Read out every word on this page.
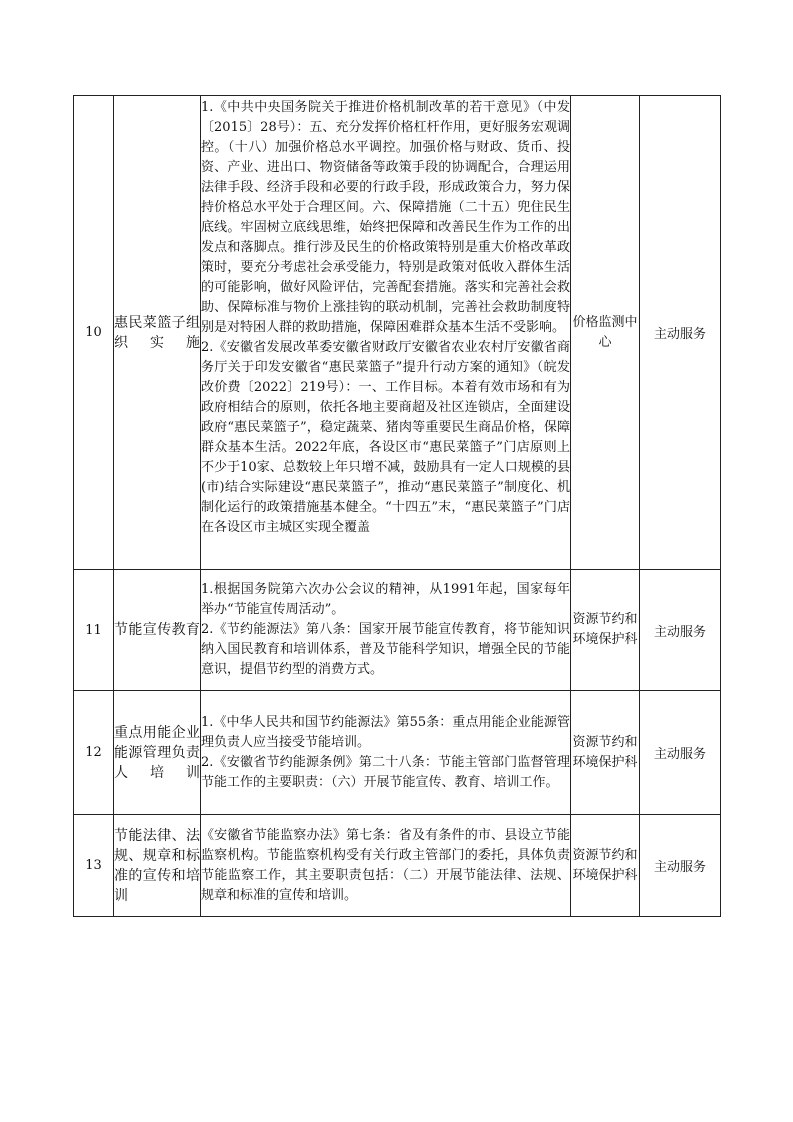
10	惠民菜篮子组织实施	1.《中共中央国务院关于推进价格机制改革的若干意见》（中发〔2015〕28号）：五、充分发挥价格杠杆作用，更好服务宏观调控。（十八）加强价格总水平调控。加强价格与财政、货币、投资、产业、进出口、物资储备等政策手段的协调配合，合理运用法律手段、经济手段和必要的行政手段，形成政策合力，努力保持价格总水平处于合理区间。六、保障措施（二十五）兜住民生底线。牢固树立底线思维，始终把保障和改善民生作为工作的出发点和落脚点。推行涉及民生的价格政策特别是重大价格改革政策时，要充分考虑社会承受能力，特别是政策对低收入群体生活的可能影响，做好风险评估，完善配套措施。落实和完善社会救助、保障标准与物价上涨挂钩的联动机制，完善社会救助制度特别是对特困人群的救助措施，保障困难群众基本生活不受影响。

2.《安徽省发展改革委安徽省财政厅安徽省农业农村厅安徽省商务厅关于印发安徽省“惠民菜篮子”提升行动方案的通知》（皖发改价费〔2022〕219号）：一、工作目标。本着有效市场和有为政府相结合的原则，依托各地主要商超及社区连锁店，全面建设政府“惠民菜篮子”，稳定蔬菜、猪肉等重要民生商品价格，保障群众基本生活。2022年底，各设区市“惠民菜篮子”门店原则上不少于10家、总数较上年只增不减，鼓励具有一定人口规模的县(市)结合实际建设“惠民菜篮子”，推动“惠民菜篮子”制度化、机制化运行的政策措施基本健全。“十四五”末，“惠民菜篮子”门店在各设区市主城区实现全覆盖	价格监测中心	主动服务
11	节能宣传教育	1.根据国务院第六次办公会议的精神，从1991年起，国家每年举办“节能宣传周活动”。

2.《节约能源法》第八条：国家开展节能宣传教育，将节能知识纳入国民教育和培训体系，普及节能科学知识，增强全民的节能意识，提倡节约型的消费方式。	资源节约和环境保护科	主动服务
12	重点用能企业能源管理负责人培训	1.《中华人民共和国节约能源法》第55条：重点用能企业能源管理负责人应当接受节能培训。

2.《安徽省节约能源条例》第二十八条：节能主管部门监督管理节能工作的主要职责：（六）开展节能宣传、教育、培训工作。	资源节约和环境保护科	主动服务
13	节能法律、法规、规章和标准的宣传和培训	《安徽省节能监察办法》第七条：省及有条件的市、县设立节能监察机构。节能监察机构受有关行政主管部门的委托，具体负责节能监察工作，其主要职责包括：（二）开展节能法律、法规、规章和标准的宣传和培训。	资源节约和环境保护科	主动服务
